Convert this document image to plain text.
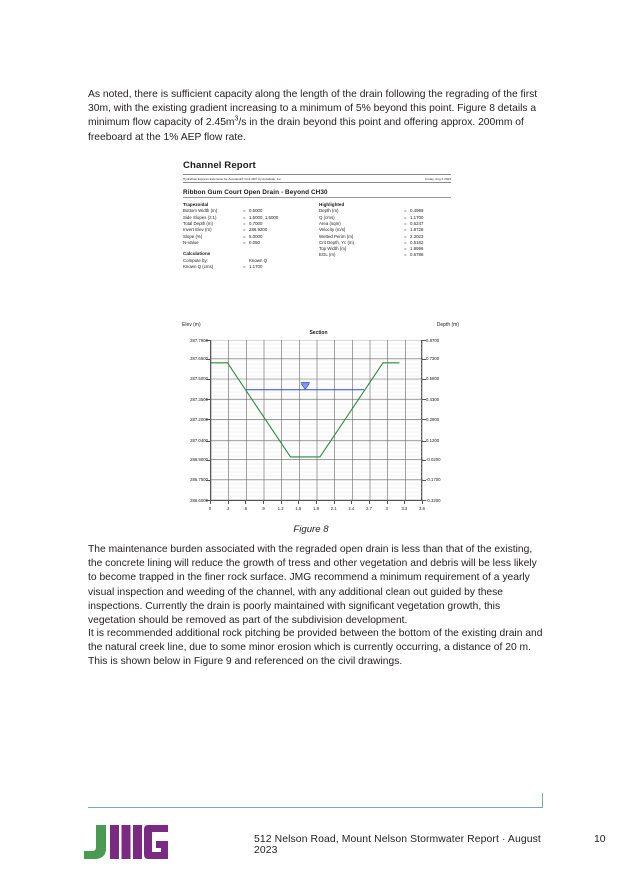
As noted, there is sufficient capacity along the length of the drain following the regrading of the first 30m, with the existing gradient increasing to a minimum of 5% beyond this point. Figure 8 details a minimum flow capacity of $2.45m^3/s$ in the drain beyond this point and offering approx. 200mm of freeboard at the 1% AEP flow rate.
Channel Report
Hydraflow Express Extension for Autodesk® Civil 3D® by Autodesk, Inc.	Friday, Aug 4 2023
Ribbon Gum Court Open Drain - Beyond CH30
Trapezoidal
Bottom Width (m)	= 0.5000
Side Slopes (z:1)	= 1.5000, 1.5000
Total Depth (m)	= 0.7000
Invert Elev (m)	= 286.9200
Slope (%)	= 5.0000
N-Value	= 0.050
Calculations
Compute by:	Known Q
Known Q (cms)	= 1.1700
Highlighted
Depth (m)	= 0.4999
Q (cms)	= 1.1700
Area (sqm)	= 0.6247
Velocity (m/s)	= 1.8728
Wetted Perim (m)	= 2.3023
Crit Depth, Yc (m)	= 0.5182
Top Width (m)	= 1.9996
EGL (m)	= 0.6788
Elev (m)	Depth (m)
Section
287.7900
287.6500
287.5000
287.3500
287.2000
287.0400
286.9000
286.7500
286.6000
0.8700
0.7300
0.5800
0.4300
0.2800
0.1200
-0.0200
-0.1700
-0.3200
0	.3	.6	.9	1.2	1.5	1.8	2.1	2.4	2.7	3	3.3	3.6
Figure 8
The maintenance burden associated with the regraded open drain is less than that of the existing, the concrete lining will reduce the growth of tress and other vegetation and debris will be less likely to become trapped in the finer rock surface. JMG recommend a minimum requirement of a yearly visual inspection and weeding of the channel, with any additional clean out guided by these inspections. Currently the drain is poorly maintained with significant vegetation growth, this vegetation should be removed as part of the subdivision development.
It is recommended additional rock pitching be provided between the bottom of the existing drain and the natural creek line, due to some minor erosion which is currently occurring, a distance of 20 m. This is shown below in Figure 9 and referenced on the civil drawings.
512 Nelson Road, Mount Nelson Stormwater Report · August 2023
10
